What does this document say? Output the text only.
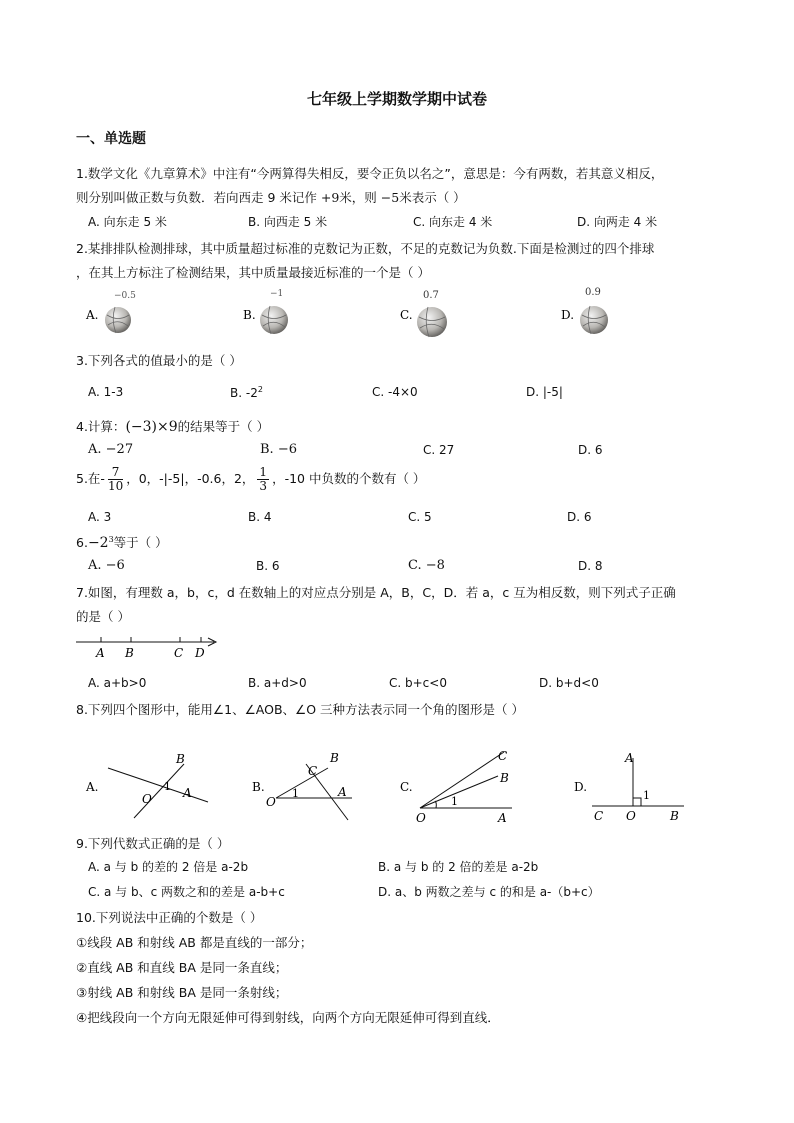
七年级上学期数学期中试卷
一、单选题
1.数学文化《九章算术》中注有“今两算得失相反，要令正负以名之”，意思是：今有两数，若其意义相反，
则分别叫做正数与负数．若向西走 9 米记作 +9米，则 −5米表示（ ）
A. 向东走 5 米	B. 向西走 5 米	C. 向东走 4 米	D. 向两走 4 米
2.某排排队检测排球，其中质量超过标准的克数记为正数，不足的克数记为负数.下面是检测过的四个排球
，在其上方标注了检测结果，其中质量最接近标准的一个是（ ）
A.
−0.5
B.
−1
C.
0.7
D.
0.9
3.下列各式的值最小的是（ ）
A. 1-3	B. $-2^2$	C. -4×0	D. |-5|
4.计算：(−3)×9的结果等于（ ）
A. −27	B. −6	C. 27	D. 6
5.在- $\frac{7}{10}$ ，0，-|-5|，-0.6，2， $\frac{1}{3}$ ，-10 中负数的个数有（ ）
A. 3	B. 4	C. 5	D. 6
$6.-2^3$等于（ ）
A. −6	B. 6	C. −8	D. 8
7.如图，有理数 a，b，c，d 在数轴上的对应点分别是 A，B，C，D．若 a，c 互为相反数，则下列式子正确
的是（ ）
A B	C D
A. a+b>0	B. a+d>0	C. b+c<0	D. b+d<0
8.下列四个图形中，能用∠1、∠AOB、∠O 三种方法表示同一个角的图形是（ ）
A.
B
O
1 A	B.
B
C
O
1	A	C.
C
B
1
O	A
D.
A
1
C O	B
9.下列代数式正确的是（ ）
A. a 与 b 的差的 2 倍是 a-2b	B. a 与 b 的 2 倍的差是 a-2b
C. a 与 b、c 两数之和的差是 a-b+c	D. a、b 两数之差与 c 的和是 a-（b+c）
10.下列说法中正确的个数是（ ）
①线段 AB 和射线 AB 都是直线的一部分；
②直线 AB 和直线 BA 是同一条直线；
③射线 AB 和射线 BA 是同一条射线；
④把线段向一个方向无限延伸可得到射线，向两个方向无限延伸可得到直线．
